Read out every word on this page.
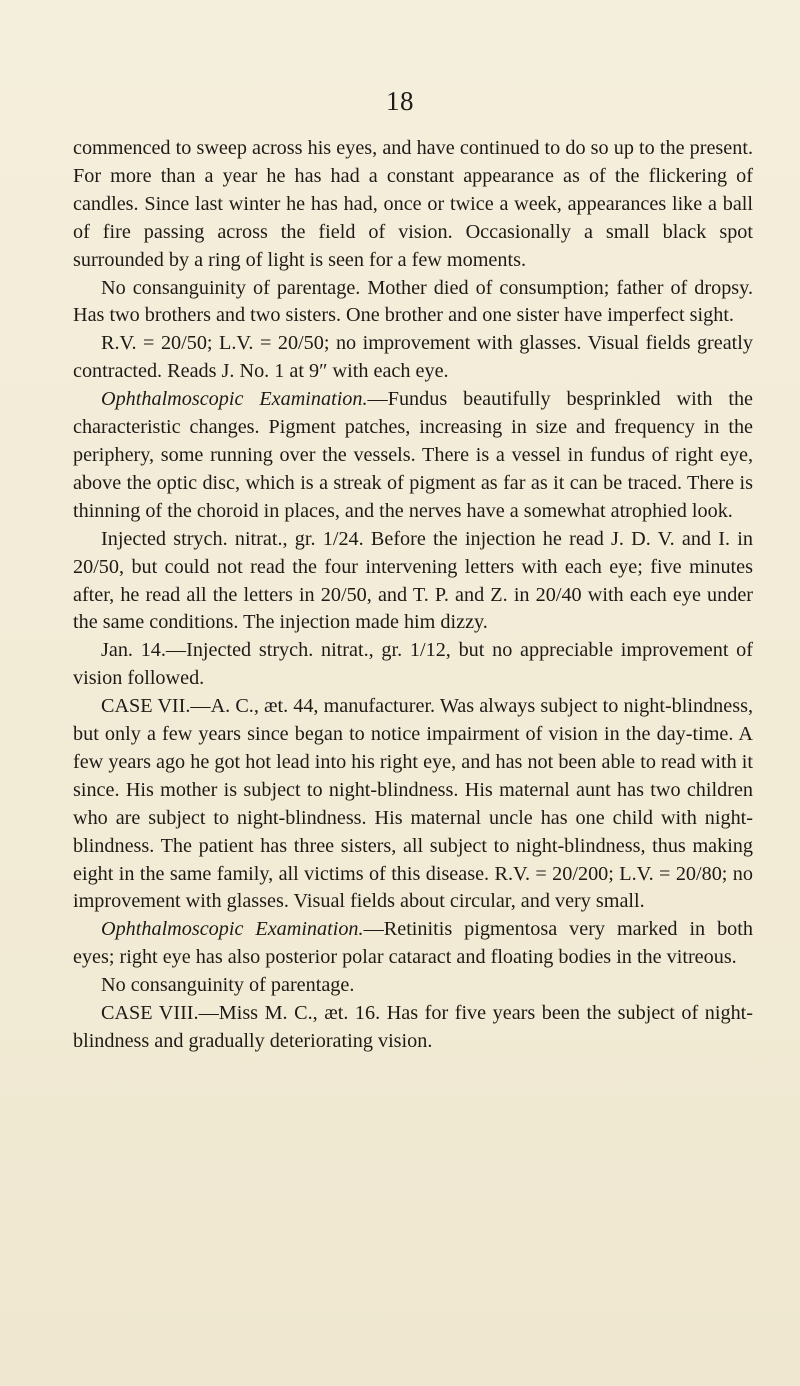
18

commenced to sweep across his eyes, and have continued to do so up to the present. For more than a year he has had a constant appearance as of the flickering of candles. Since last winter he has had, once or twice a week, appearances like a ball of fire passing across the field of vision. Occasionally a small black spot surrounded by a ring of light is seen for a few moments.

No consanguinity of parentage. Mother died of consumption; father of dropsy. Has two brothers and two sisters. One brother and one sister have imperfect sight.

R.V. = 20/50; L.V. = 20/50; no improvement with glasses. Visual fields greatly contracted. Reads J. No. 1 at 9″ with each eye.

Ophthalmoscopic Examination.—Fundus beautifully besprinkled with the characteristic changes. Pigment patches, increasing in size and frequency in the periphery, some running over the vessels. There is a vessel in fundus of right eye, above the optic disc, which is a streak of pigment as far as it can be traced. There is thinning of the choroid in places, and the nerves have a somewhat atrophied look.

Injected strych. nitrat., gr. 1/24. Before the injection he read J. D. V. and I. in 20/50, but could not read the four intervening letters with each eye; five minutes after, he read all the letters in 20/50, and T. P. and Z. in 20/40 with each eye under the same conditions. The injection made him dizzy.

Jan. 14.—Injected strych. nitrat., gr. 1/12, but no appreciable improvement of vision followed.

CASE VII.—A. C., æt. 44, manufacturer. Was always subject to night-blindness, but only a few years since began to notice impairment of vision in the day-time. A few years ago he got hot lead into his right eye, and has not been able to read with it since. His mother is subject to night-blindness. His maternal aunt has two children who are subject to night-blindness. His maternal uncle has one child with night-blindness. The patient has three sisters, all subject to night-blindness, thus making eight in the same family, all victims of this disease. R.V. = 20/200; L.V. = 20/80; no improvement with glasses. Visual fields about circular, and very small.

Ophthalmoscopic Examination.—Retinitis pigmentosa very marked in both eyes; right eye has also posterior polar cataract and floating bodies in the vitreous.

No consanguinity of parentage.

CASE VIII.—Miss M. C., æt. 16. Has for five years been the subject of night-blindness and gradually deteriorating vision.
